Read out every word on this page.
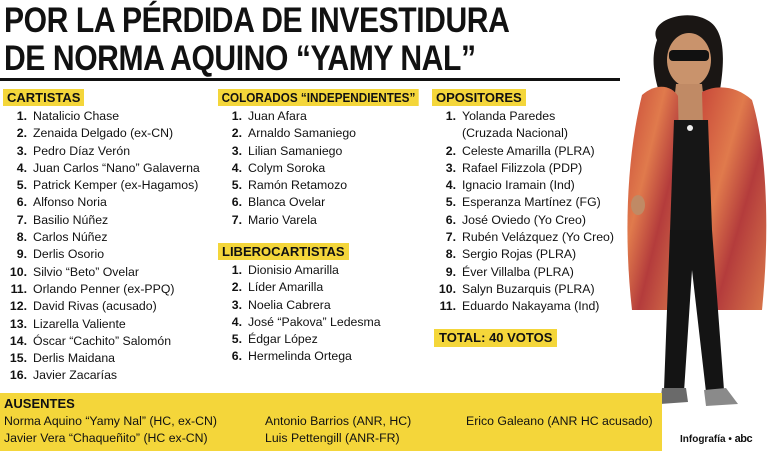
POR LA PÉRDIDA DE INVESTIDURA
DE NORMA AQUINO “YAMY NAL”
CARTISTAS
1. Natalicio Chase
2. Zenaida Delgado (ex-CN)
3. Pedro Díaz Verón
4. Juan Carlos “Nano” Galaverna
5. Patrick Kemper (ex-Hagamos)
6. Alfonso Noria
7. Basilio Núñez
8. Carlos Núñez
9. Derlis Osorio
10. Silvio “Beto” Ovelar
11. Orlando Penner (ex-PPQ)
12. David Rivas (acusado)
13. Lizarella Valiente
14. Óscar “Cachito” Salomón
15. Derlis Maidana
16. Javier Zacarías
COLORADOS “INDEPENDIENTES”
1. Juan Afara
2. Arnaldo Samaniego
3. Lilian Samaniego
4. Colym Soroka
5. Ramón Retamozo
6. Blanca Ovelar
7. Mario Varela
LIBEROCARTISTAS
1. Dionisio Amarilla
2. Líder Amarilla
3. Noelia Cabrera
4. José “Pakova” Ledesma
5. Édgar López
6. Hermelinda Ortega
OPOSITORES
1. Yolanda Paredes
(Cruzada Nacional)
2. Celeste Amarilla (PLRA)
3. Rafael Filizzola (PDP)
4. Ignacio Iramain (Ind)
5. Esperanza Martínez (FG)
6. José Oviedo (Yo Creo)
7. Rubén Velázquez (Yo Creo)
8. Sergio Rojas (PLRA)
9. Éver Villalba (PLRA)
10. Salyn Buzarquis (PLRA)
11. Eduardo Nakayama (Ind)
TOTAL: 40 VOTOS
AUSENTES
Norma Aquino “Yamy Nal” (HC, ex-CN)
Javier Vera “Chaqueñito” (HC ex-CN)
Antonio Barrios (ANR, HC)
Luis Pettengill (ANR-FR)
Erico Galeano (ANR HC acusado)
Infografía • abc
